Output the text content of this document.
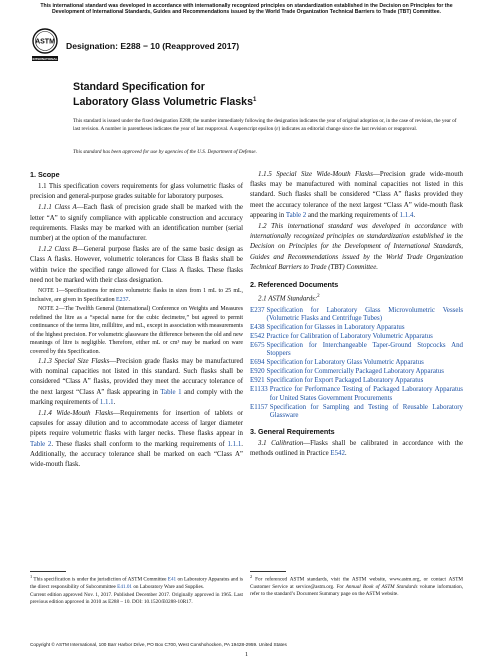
This international standard was developed in accordance with internationally recognized principles on standardization established in the Decision on Principles for the Development of International Standards, Guides and Recommendations issued by the World Trade Organization Technical Barriers to Trade (TBT) Committee.
ASTM
INTERNATIONAL
Designation: E288 − 10 (Reapproved 2017)
Standard Specification for
Laboratory Glass Volumetric Flasks$^1$
This standard is issued under the fixed designation E288; the number immediately following the designation indicates the year of original adoption or, in the case of revision, the year of last revision. A number in parentheses indicates the year of last reapproval. A superscript epsilon (ε) indicates an editorial change since the last revision or reapproval.
This standard has been approved for use by agencies of the U.S. Department of Defense.
1. Scope

1.1 This specification covers requirements for glass volumetric flasks of precision and general-purpose grades suitable for laboratory purposes.

1.1.1 Class A—Each flask of precision grade shall be marked with the letter “A” to signify compliance with applicable construction and accuracy requirements. Flasks may be marked with an identification number (serial number) at the option of the manufacturer.

1.1.2 Class B—General purpose flasks are of the same basic design as Class A flasks. However, volumetric tolerances for Class B flasks shall be within twice the specified range allowed for Class A flasks. These flasks need not be marked with their class designation.

NOTE 1—Specifications for micro volumetric flasks in sizes from 1 mL to 25 mL, inclusive, are given in Specification E237.

NOTE 2—The Twelfth General (International) Conference on Weights and Measures redefined the litre as a “special name for the cubic decimetre,” but agreed to permit continuance of the terms litre, millilitre, and mL, except in association with measurements of the highest precision. For volumetric glassware the difference between the old and new meanings of litre is negligible. Therefore, either mL or cm³ may be marked on ware covered by this Specification.

1.1.3 Special Size Flasks—Precision grade flasks may be manufactured with nominal capacities not listed in this standard. Such flasks shall be considered “Class A” flasks, provided they meet the accuracy tolerance of the next largest “Class A” flask appearing in Table 1 and comply with the marking requirements of 1.1.1.

1.1.4 Wide-Mouth Flasks—Requirements for insertion of tablets or capsules for assay dilution and to accommodate access of larger diameter pipets require volumetric flasks with larger necks. These flasks appear in Table 2. These flasks shall conform to the marking requirements of 1.1.1. Additionally, the accuracy tolerance shall be marked on each “Class A” wide-mouth flask.

1.1.5 Special Size Wide-Mouth Flasks—Precision grade wide-mouth flasks may be manufactured with nominal capacities not listed in this standard. Such flasks shall be considered “Class A” flasks provided they meet the accuracy tolerance of the next largest “Class A” wide-mouth flask appearing in Table 2 and the marking requirements of 1.1.4.

1.2 This international standard was developed in accordance with internationally recognized principles on standardization established in the Decision on Principles for the Development of International Standards, Guides and Recommendations issued by the World Trade Organization Technical Barriers to Trade (TBT) Committee.

2. Referenced Documents

2.1 ASTM Standards:$^2$

E237 Specification for Laboratory Glass Microvolumetric Vessels (Volumetric Flasks and Centrifuge Tubes)
E438 Specification for Glasses in Laboratory Apparatus
E542 Practice for Calibration of Laboratory Volumetric Apparatus
E675 Specification for Interchangeable Taper-Ground Stopcocks And Stoppers
E694 Specification for Laboratory Glass Volumetric Apparatus
E920 Specification for Commercially Packaged Laboratory Apparatus
E921 Specification for Export Packaged Laboratory Apparatus
E1133 Practice for Performance Testing of Packaged Laboratory Apparatus for United States Government Procurements
E1157 Specification for Sampling and Testing of Reusable Laboratory Glassware
3. General Requirements

3.1 Calibration—Flasks shall be calibrated in accordance with the methods outlined in Practice E542.

$^1$ This specification is under the jurisdiction of ASTM Committee E41 on Laboratory Apparatus and is the direct responsibility of Subcommittee E41.01 on Laboratory Ware and Supplies.

Current edition approved Nov. 1, 2017. Published December 2017. Originally approved in 1965. Last previous edition approved in 2010 as E288 – 10. DOI: 10.1520/E0288-10R17.

$^2$ For referenced ASTM standards, visit the ASTM website, www.astm.org, or contact ASTM Customer Service at service@astm.org. For Annual Book of ASTM Standards volume information, refer to the standard’s Document Summary page on the ASTM website.

Copyright © ASTM International, 100 Barr Harbor Drive, PO Box C700, West Conshohocken, PA 19428-2959. United States
1
